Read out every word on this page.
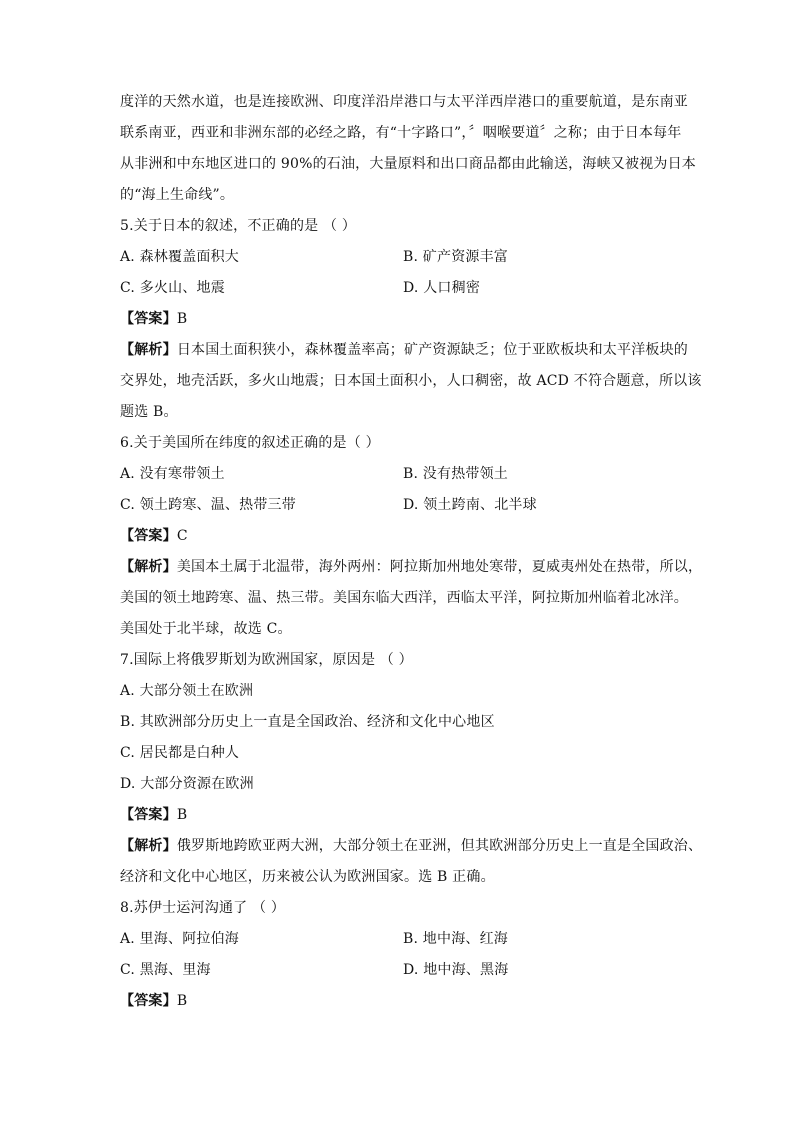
度洋的天然水道，也是连接欧洲、印度洋沿岸港口与太平洋西岸港口的重要航道，是东南亚
联系南亚，西亚和非洲东部的必经之路，有“十字路口”，〞咽喉要道〞之称；由于日本每年
从非洲和中东地区进口的 90%的石油，大量原料和出口商品都由此输送，海峡又被视为日本
的“海上生命线”。
5.关于日本的叙述，不正确的是 （ ）
A. 森林覆盖面积大	B. 矿产资源丰富
C. 多火山、地震	D. 人口稠密
【答案】B
【解析】日本国土面积狭小，森林覆盖率高；矿产资源缺乏；位于亚欧板块和太平洋板块的
交界处，地壳活跃，多火山地震；日本国土面积小，人口稠密，故 ACD 不符合题意，所以该
题选 B。
6.关于美国所在纬度的叙述正确的是（ ）
A. 没有寒带领土	B. 没有热带领土
C. 领土跨寒、温、热带三带	D. 领土跨南、北半球
【答案】C
【解析】美国本土属于北温带，海外两州：阿拉斯加州地处寒带，夏威夷州处在热带，所以，
美国的领土地跨寒、温、热三带。美国东临大西洋，西临太平洋，阿拉斯加州临着北冰洋。
美国处于北半球，故选 C。
7.国际上将俄罗斯划为欧洲国家，原因是 （ ）
A. 大部分领土在欧洲
B. 其欧洲部分历史上一直是全国政治、经济和文化中心地区
C. 居民都是白种人
D. 大部分资源在欧洲
【答案】B
【解析】俄罗斯地跨欧亚两大洲，大部分领土在亚洲，但其欧洲部分历史上一直是全国政治、
经济和文化中心地区，历来被公认为欧洲国家。选 B 正确。
8.苏伊士运河沟通了 （ ）
A. 里海、阿拉伯海	B. 地中海、红海
C. 黑海、里海	D. 地中海、黑海
【答案】B
